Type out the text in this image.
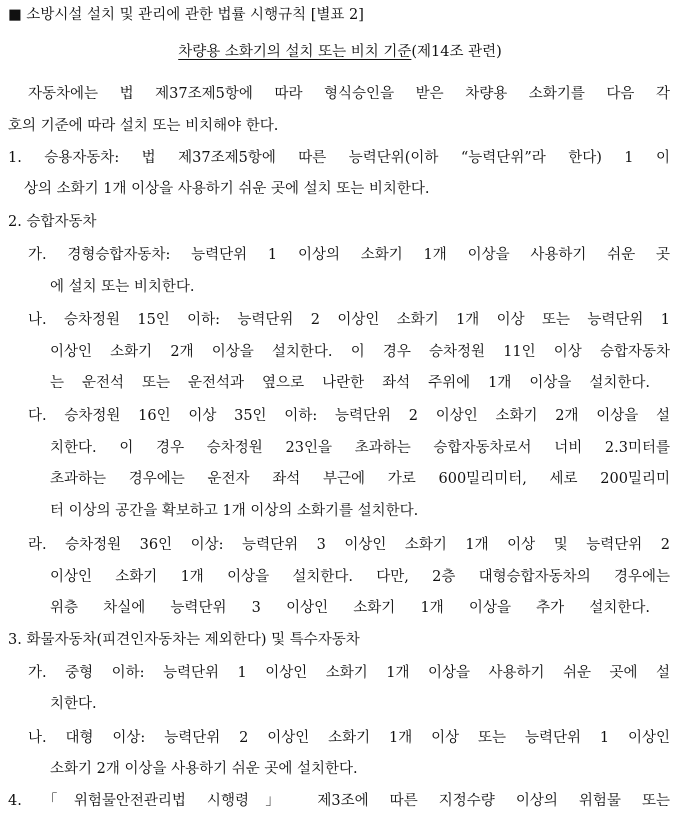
■ 소방시설 설치 및 관리에 관한 법률 시행규칙 [별표 2]
차량용 소화기의 설치 또는 비치 기준(제14조 관련)
자동차에는 법 제37조제5항에 따라 형식승인을 받은 차량용 소화기를 다음 각
호의 기준에 따라 설치 또는 비치해야 한다.
1. 승용자동차: 법 제37조제5항에 따른 능력단위(이하 “능력단위”라 한다) 1 이
상의 소화기 1개 이상을 사용하기 쉬운 곳에 설치 또는 비치한다.
2. 승합자동차
가. 경형승합자동차: 능력단위 1 이상의 소화기 1개 이상을 사용하기 쉬운 곳
에 설치 또는 비치한다.
나. 승차정원 15인 이하: 능력단위 2 이상인 소화기 1개 이상 또는 능력단위 1
이상인 소화기 2개 이상을 설치한다. 이 경우 승차정원 11인 이상 승합자동차
는 운전석 또는 운전석과 옆으로 나란한 좌석 주위에 1개 이상을 설치한다.
다. 승차정원 16인 이상 35인 이하: 능력단위 2 이상인 소화기 2개 이상을 설
치한다. 이 경우 승차정원 23인을 초과하는 승합자동차로서 너비 2.3미터를
초과하는 경우에는 운전자 좌석 부근에 가로 600밀리미터, 세로 200밀리미
터 이상의 공간을 확보하고 1개 이상의 소화기를 설치한다.
라. 승차정원 36인 이상: 능력단위 3 이상인 소화기 1개 이상 및 능력단위 2
이상인 소화기 1개 이상을 설치한다. 다만, 2층 대형승합자동차의 경우에는
위층 차실에 능력단위 3 이상인 소화기 1개 이상을 추가 설치한다.
3. 화물자동차(피견인자동차는 제외한다) 및 특수자동차
가. 중형 이하: 능력단위 1 이상인 소화기 1개 이상을 사용하기 쉬운 곳에 설
치한다.
나. 대형 이상: 능력단위 2 이상인 소화기 1개 이상 또는 능력단위 1 이상인
소화기 2개 이상을 사용하기 쉬운 곳에 설치한다.
4. 「위험물안전관리법 시행령」 제3조에 따른 지정수량 이상의 위험물 또는
